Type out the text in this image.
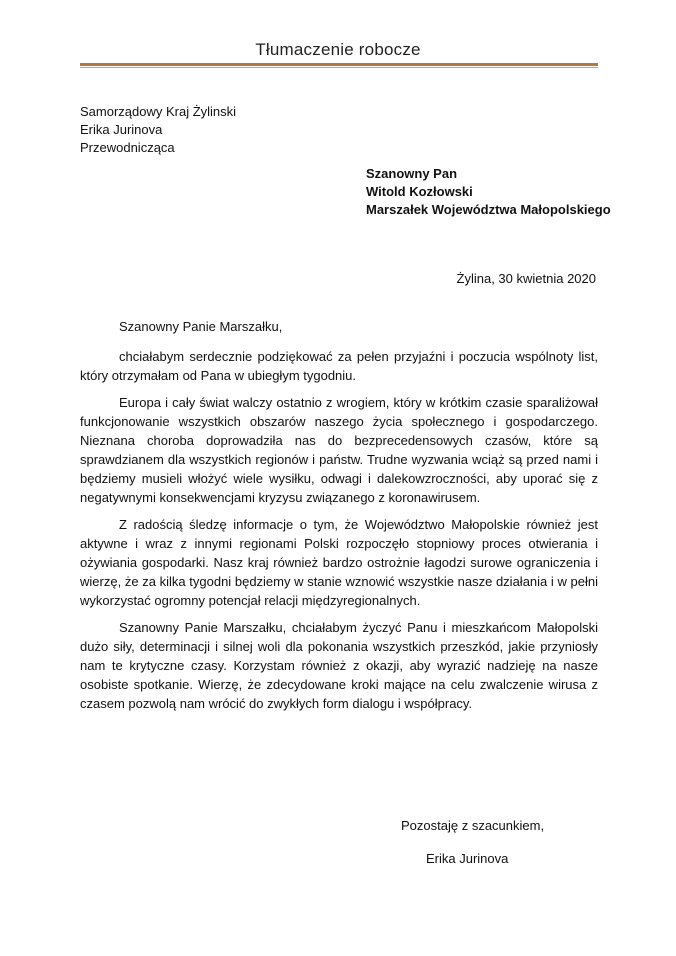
Tłumaczenie robocze
Samorządowy Kraj Żylinski
Erika Jurinova
Przewodnicząca
Szanowny Pan
Witold Kozłowski
Marszałek Województwa Małopolskiego
Żylina, 30 kwietnia 2020
Szanowny Panie Marszałku,

chciałabym serdecznie podziękować za pełen przyjaźni i poczucia wspólnoty list, który otrzymałam od Pana w ubiegłym tygodniu.

Europa i cały świat walczy ostatnio z wrogiem, który w krótkim czasie sparaliżował funkcjonowanie wszystkich obszarów naszego życia społecznego i gospodarczego. Nieznana choroba doprowadziła nas do bezprecedensowych czasów, które są sprawdzianem dla wszystkich regionów i państw. Trudne wyzwania wciąż są przed nami i będziemy musieli włożyć wiele wysiłku, odwagi i dalekowzroczności, aby uporać się z negatywnymi konsekwencjami kryzysu związanego z koronawirusem.

Z radością śledzę informacje o tym, że Województwo Małopolskie również jest aktywne i wraz z innymi regionami Polski rozpoczęło stopniowy proces otwierania i ożywiania gospodarki. Nasz kraj również bardzo ostrożnie łagodzi surowe ograniczenia i wierzę, że za kilka tygodni będziemy w stanie wznowić wszystkie nasze działania i w pełni wykorzystać ogromny potencjał relacji międzyregionalnych.

Szanowny Panie Marszałku, chciałabym życzyć Panu i mieszkańcom Małopolski dużo siły, determinacji i silnej woli dla pokonania wszystkich przeszkód, jakie przyniosły nam te krytyczne czasy. Korzystam również z okazji, aby wyrazić nadzieję na nasze osobiste spotkanie. Wierzę, że zdecydowane kroki mające na celu zwalczenie wirusa z czasem pozwolą nam wrócić do zwykłych form dialogu i współpracy.

Pozostaję z szacunkiem,
Erika Jurinova
